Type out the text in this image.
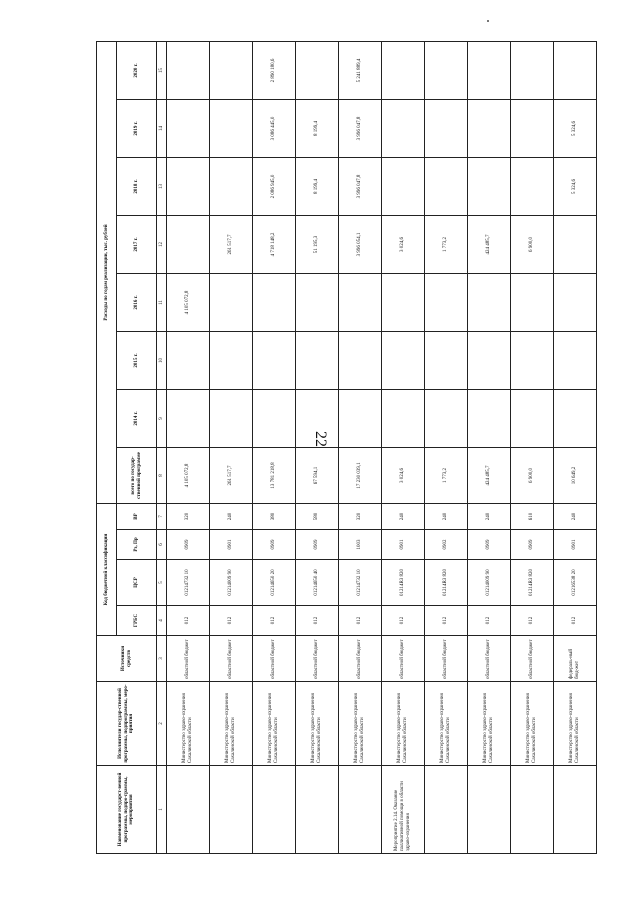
22
Наименование государст-венной программы, подпро-граммы, мероприятия	Исполнители государ-ственной программы, подпрограммы, меро-приятия	Источники средств	Код бюджетной классификации				Расходы по годам реализации, тыс. рублей							
			ГРБС	ЦСР	Рз, Пр	ВР	всего по государ-ственной программе	2014 г.	2015 г.	2016 г.	2017 г.	2018 г.	2019 г.	2020 г.
1	2	3	4	5	6	7	8	9	10	11	12	13	14	15
	Министерство здраво-охранения Сахалинской области	областной бюджет	012	01214732 10	0909	320	4 105 072,8			4 105 072,8				
	Министерство здраво-охранения Сахалинской области	областной бюджет	012	01214009 90	0901	240	261 517,7				261 517,7			
	Министерство здраво-охранения Сахалинской области	областной бюджет	012	01214650 20	0909	380	13 781 218,8				4 718 148,2	2 086 945,0	3 086 445,0	2 890 180,6
	Министерство здраво-охранения Сахалинской области	областной бюджет	012	01214650 40	0909	580	67 594,1				51 195,3	8 199,4	8 199,4	
	Министерство здраво-охранения Сахалинской области	областной бюджет	012	01214732 10	1003	320	17 230 039,1				3 996 054,1	3 996 047,8	3 996 047,8	5 241 889,4
Мероприятие 2.14. Оказание паллиативной помощи в области здраво-охранения	Министерство здраво-охранения Сахалинской области	областной бюджет	012	01214R3 820	0901	240	3 024,6				3 024,6			
	Министерство здраво-охранения Сахалинской области	областной бюджет	012	01214R3 820	0902	240	1 773,2				1 773,2			
	Министерство здраво-охранения Сахалинской области	областной бюджет	012	01214009 90	0909	240	424 485,7				424 485,7			
	Министерство здраво-охранения Сахалинской области	областной бюджет	012	01214R3 820	0909	610	6 900,0				6 900,0			
	Министерство здраво-охранения Сахалинской области	федераль-ный бюд-жет	012	01216538 20	0901	240	10 649,2					5 324,6	5 324,6	
